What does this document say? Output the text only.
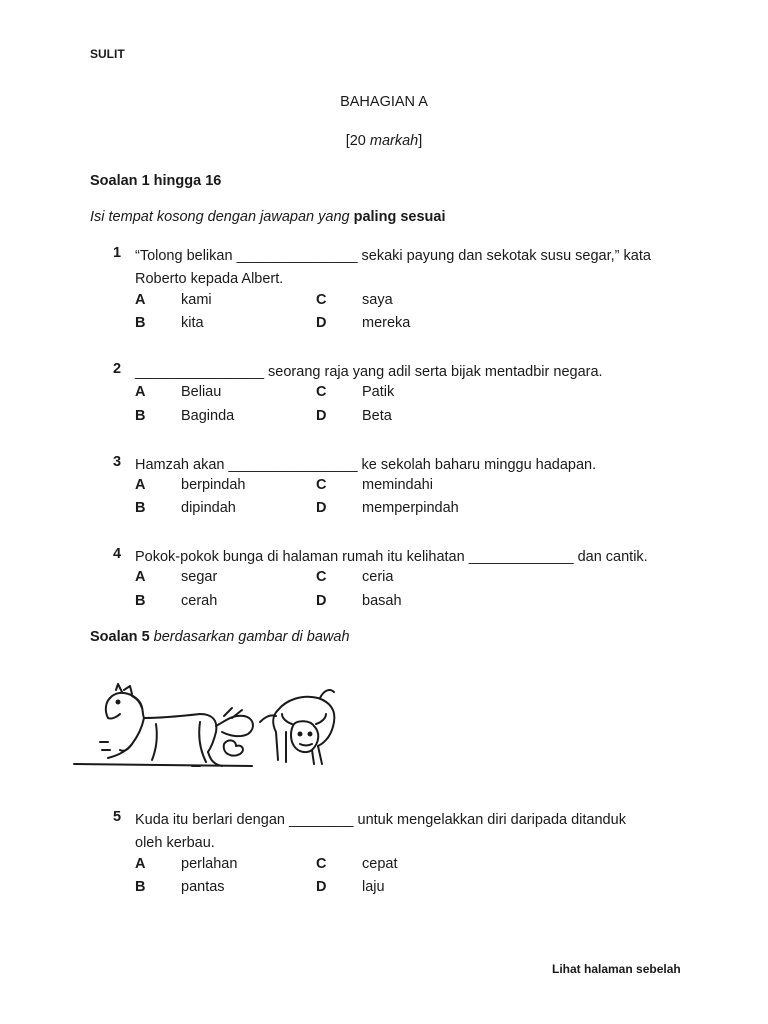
SULIT
BAHAGIAN A
[20 markah]
Soalan 1 hingga 16
Isi tempat kosong dengan jawapan yang paling sesuai
1 “Tolong belikan _______________ sekaki payung dan sekotak susu segar,” kata
Roberto kepada Albert.
A kami	C saya
B kita	D mereka
2 ________________ seorang raja yang adil serta bijak mentadbir negara.
A Beliau	C Patik
B Baginda	D Beta
3 Hamzah akan ________________ ke sekolah baharu minggu hadapan.
A berpindah	C memindahi
B dipindah	D memperpindah
4 Pokok-pokok bunga di halaman rumah itu kelihatan _____________ dan cantik.
A segar	C ceria
B cerah	D basah
Soalan 5 berdasarkan gambar di bawah
5 Kuda itu berlari dengan ________ untuk mengelakkan diri daripada ditanduk
oleh kerbau.
A perlahan	C cepat
B pantas	D laju
Lihat halaman sebelah
